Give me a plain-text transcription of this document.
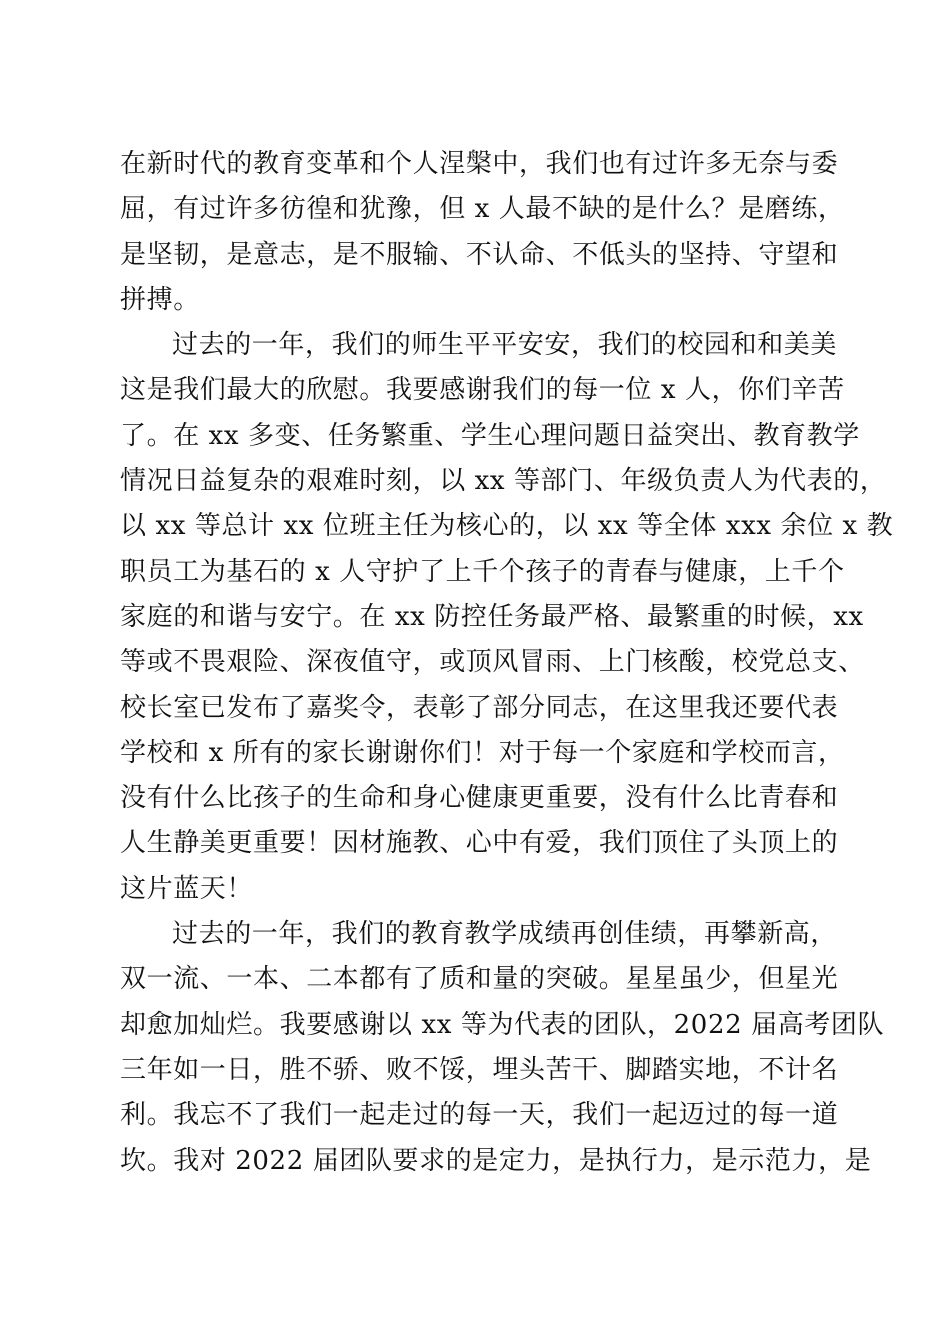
在新时代的教育变革和个人涅槃中，我们也有过许多无奈与委
屈，有过许多彷徨和犹豫，但 x 人最不缺的是什么？是磨练，
是坚韧，是意志，是不服输、不认命、不低头的坚持、守望和
拼搏。

过去的一年，我们的师生平平安安，我们的校园和和美美
这是我们最大的欣慰。我要感谢我们的每一位 x 人，你们辛苦
了。在 xx 多变、任务繁重、学生心理问题日益突出、教育教学
情况日益复杂的艰难时刻，以 xx 等部门、年级负责人为代表的，
以 xx 等总计 xx 位班主任为核心的，以 xx 等全体 xxx 余位 x 教
职员工为基石的 x 人守护了上千个孩子的青春与健康，上千个
家庭的和谐与安宁。在 xx 防控任务最严格、最繁重的时候，xx
等或不畏艰险、深夜值守，或顶风冒雨、上门核酸，校党总支、
校长室已发布了嘉奖令，表彰了部分同志，在这里我还要代表
学校和 x 所有的家长谢谢你们！对于每一个家庭和学校而言，
没有什么比孩子的生命和身心健康更重要，没有什么比青春和
人生静美更重要！因材施教、心中有爱，我们顶住了头顶上的
这片蓝天！

过去的一年，我们的教育教学成绩再创佳绩，再攀新高，
双一流、一本、二本都有了质和量的突破。星星虽少，但星光
却愈加灿烂。我要感谢以 xx 等为代表的团队，2022 届高考团队
三年如一日，胜不骄、败不馁，埋头苦干、脚踏实地，不计名
利。我忘不了我们一起走过的每一天，我们一起迈过的每一道
坎。我对 2022 届团队要求的是定力，是执行力，是示范力，是
